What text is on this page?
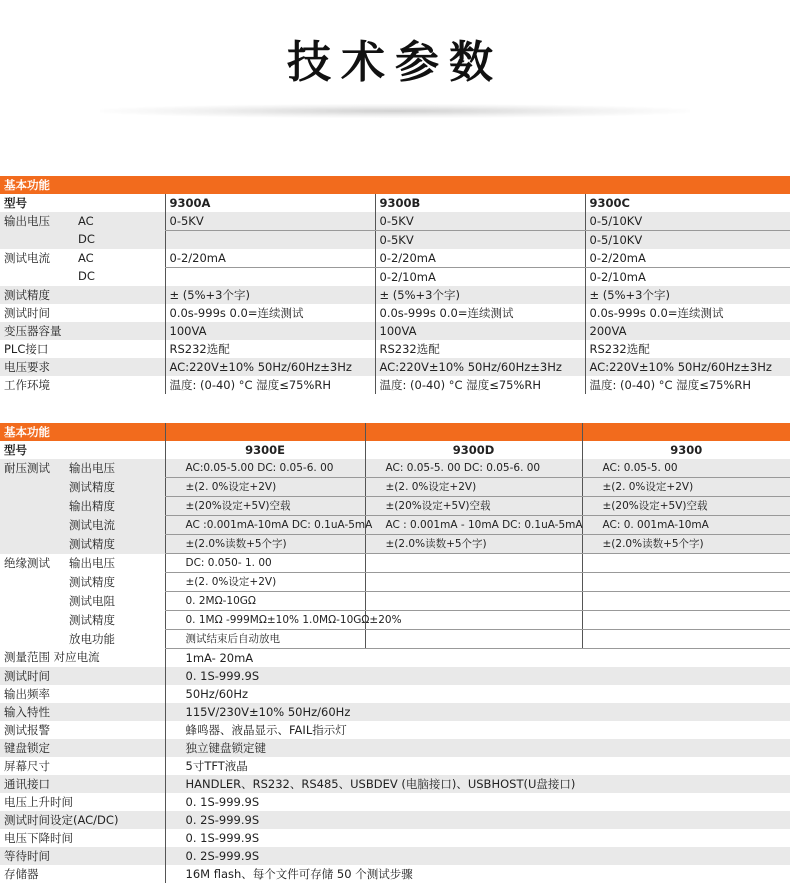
技术参数
基本功能				
型号		9300A	9300B	9300C
输出电压	AC	0-5KV	0-5KV	0-5/10KV
	DC		0-5KV	0-5/10KV
测试电流	AC	0-2/20mA	0-2/20mA	0-2/20mA
	DC		0-2/10mA	0-2/10mA
测试精度		± (5%+3个字)	± (5%+3个字)	± (5%+3个字)
测试时间		0.0s-999s 0.0=连续测试	0.0s-999s 0.0=连续测试	0.0s-999s 0.0=连续测试
变压器容量		100VA	100VA	200VA
PLC接口		RS232选配	RS232选配	RS232选配
电压要求		AC:220V±10% 50Hz/60Hz±3Hz	AC:220V±10% 50Hz/60Hz±3Hz	AC:220V±10% 50Hz/60Hz±3Hz
工作环境		温度: (0-40) °C 湿度≤75%RH	温度: (0-40) °C 湿度≤75%RH	温度: (0-40) °C 湿度≤75%RH
基本功能				
型号		9300E	9300D	9300
耐压测试	输出电压	AC:0.05-5.00 DC: 0.05-6. 00	AC: 0.05-5. 00 DC: 0.05-6. 00	AC: 0.05-5. 00
	测试精度	±(2. 0%设定+2V)	±(2. 0%设定+2V)	±(2. 0%设定+2V)
	输出精度	±(20%设定+5V)空载	±(20%设定+5V)空载	±(20%设定+5V)空载
	测试电流	AC :0.001mA-10mA DC: 0.1uA-5mA	AC : 0.001mA - 10mA DC: 0.1uA-5mA	AC: 0. 001mA-10mA
	测试精度	±(2.0%读数+5个字)	±(2.0%读数+5个字)	±(2.0%读数+5个字)
绝缘测试	输出电压	DC: 0.050- 1. 00		
	测试精度	±(2. 0%设定+2V)		
	测试电阻	0. 2MΩ-10GΩ		
	测试精度	0. 1MΩ -999MΩ±10% 1.0MΩ-10GΩ±20%		
	放电功能	测试结束后自动放电		
测量范围 对应电流		1mA- 20mA		
测试时间		0. 1S-999.9S		
输出频率		50Hz/60Hz		
输入特性		115V/230V±10% 50Hz/60Hz		
测试报警		蜂鸣器、液晶显示、FAIL指示灯		
键盘锁定		独立键盘锁定键		
屏幕尺寸		5寸TFT液晶		
通讯接口		HANDLER、RS232、RS485、USBDEV (电脑接口)、USBHOST(U盘接口)		
电压上升时间		0. 1S-999.9S		
测试时间设定(AC/DC)		0. 2S-999.9S		
电压下降时间		0. 1S-999.9S		
等待时间		0. 2S-999.9S		
存储器		16M flash、每个文件可存储 50 个测试步骤		
